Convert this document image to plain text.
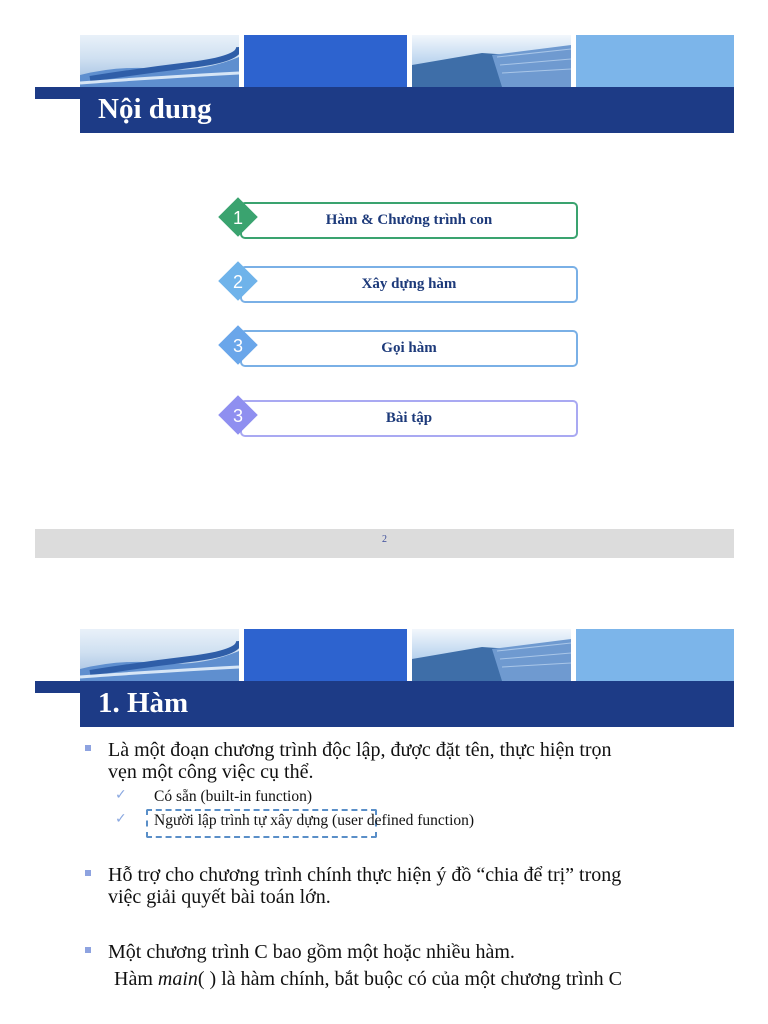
Nội dung
1	Hàm & Chương trình con
2	Xây dựng hàm
3	Gọi hàm
3	Bài tập
2
1. Hàm
Là một đoạn chương trình độc lập, được đặt tên, thực hiện trọn
vẹn một công việc cụ thể.
✓ Có sẵn (built-in function)
✓ Người lập trình tự xây dựng (user defined function)
Hỗ trợ cho chương trình chính thực hiện ý đồ “chia để trị” trong
việc giải quyết bài toán lớn.
Một chương trình C bao gồm một hoặc nhiều hàm.
Hàm main( ) là hàm chính, bắt buộc có của một chương trình C
